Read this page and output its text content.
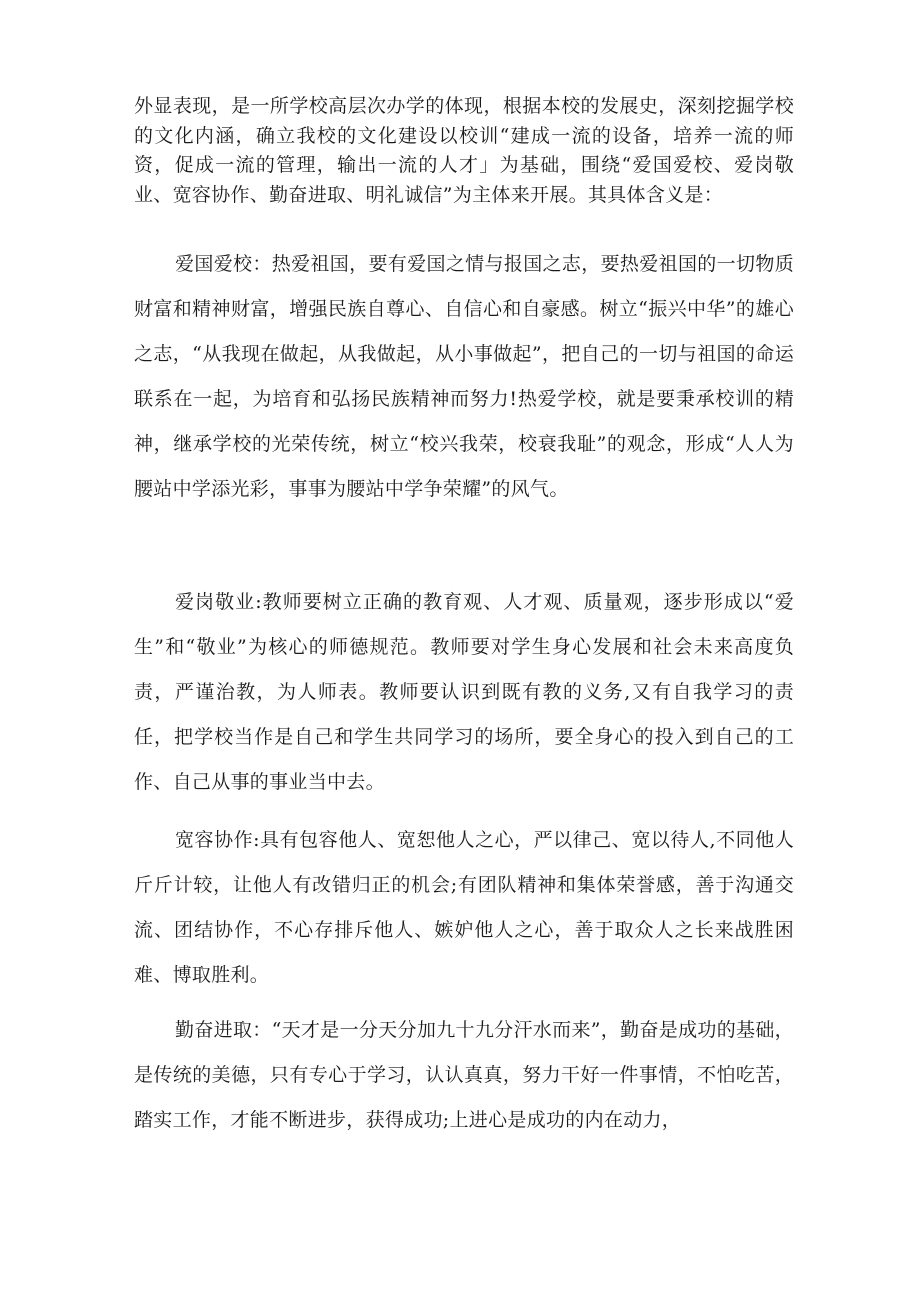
外显表现，是一所学校高层次办学的体现，根据本校的发展史，深刻挖掘学校的文化内涵，确立我校的文化建设以校训“建成一流的设备，培养一流的师资，促成一流的管理，输出一流的人才」为基础，围绕“爱国爱校、爱岗敬业、宽容协作、勤奋进取、明礼诚信”为主体来开展。其具体含义是：

爱国爱校：热爱祖国，要有爱国之情与报国之志，要热爱祖国的一切物质财富和精神财富，增强民族自尊心、自信心和自豪感。树立“振兴中华”的雄心之志，“从我现在做起，从我做起，从小事做起”，把自己的一切与祖国的命运联系在一起，为培育和弘扬民族精神而努力!热爱学校，就是要秉承校训的精神，继承学校的光荣传统，树立“校兴我荣，校衰我耻”的观念，形成“人人为腰站中学添光彩，事事为腰站中学争荣耀”的风气。

爱岗敬业:教师要树立正确的教育观、人才观、质量观，逐步形成以“爱生”和“敬业”为核心的师德规范。教师要对学生身心发展和社会未来高度负责，严谨治教，为人师表。教师要认识到既有教的义务,又有自我学习的责任，把学校当作是自己和学生共同学习的场所，要全身心的投入到自己的工作、自己从事的事业当中去。

宽容协作:具有包容他人、宽恕他人之心，严以律己、宽以待人,不同他人斤斤计较，让他人有改错归正的机会;有团队精神和集体荣誉感，善于沟通交流、团结协作，不心存排斥他人、嫉妒他人之心，善于取众人之长来战胜困难、博取胜利。

勤奋进取：“天才是一分天分加九十九分汗水而来”，勤奋是成功的基础，是传统的美德，只有专心于学习，认认真真，努力干好一件事情，不怕吃苦，踏实工作，才能不断进步，获得成功;上进心是成功的内在动力，
